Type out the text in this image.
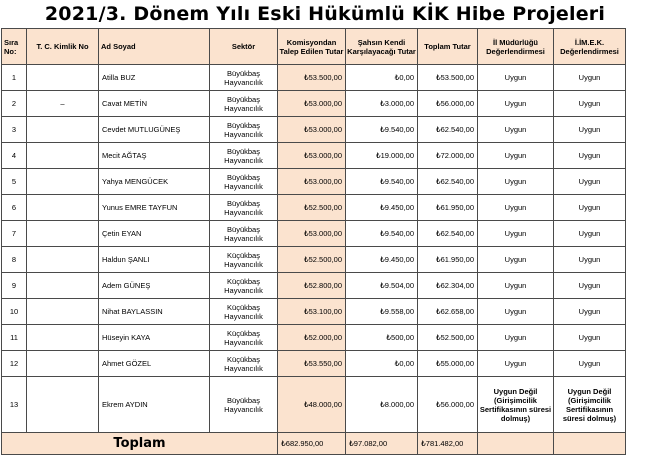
2021/3. Dönem Yılı Eski Hükümlü KİK Hibe Projeleri
Sıra No:	T. C. Kimlik No	Ad Soyad	Sektör	Komisyondan Talep Edilen Tutar	Şahsın Kendi Karşılayacağı Tutar	Toplam Tutar	İl Müdürlüğü Değerlendirmesi	İ.İM.E.K. Değerlendirmesi
1		Atilla BUZ	Büyükbaş Hayvancılık	₺53.500,00	₺0,00	₺53.500,00	Uygun	Uygun
2	–	Cavat METİN	Büyükbaş Hayvancılık	₺53.000,00	₺3.000,00	₺56.000,00	Uygun	Uygun
3		Cevdet MUTLUGÜNEŞ	Büyükbaş Hayvancılık	₺53.000,00	₺9.540,00	₺62.540,00	Uygun	Uygun
4		Mecit AĞTAŞ	Büyükbaş Hayvancılık	₺53.000,00	₺19.000,00	₺72.000,00	Uygun	Uygun
5		Yahya MENGÜCEK	Büyükbaş Hayvancılık	₺53.000,00	₺9.540,00	₺62.540,00	Uygun	Uygun
6		Yunus EMRE TAYFUN	Büyükbaş Hayvancılık	₺52.500,00	₺9.450,00	₺61.950,00	Uygun	Uygun
7		Çetin EYAN	Büyükbaş Hayvancılık	₺53.000,00	₺9.540,00	₺62.540,00	Uygun	Uygun
8		Haldun ŞANLI	Küçükbaş Hayvancılık	₺52.500,00	₺9.450,00	₺61.950,00	Uygun	Uygun
9		Adem GÜNEŞ	Küçükbaş Hayvancılık	₺52.800,00	₺9.504,00	₺62.304,00	Uygun	Uygun
10		Nihat BAYLASSIN	Küçükbaş Hayvancılık	₺53.100,00	₺9.558,00	₺62.658,00	Uygun	Uygun
11		Hüseyin KAYA	Küçükbaş Hayvancılık	₺52.000,00	₺500,00	₺52.500,00	Uygun	Uygun
12		Ahmet GÖZEL	Küçükbaş Hayvancılık	₺53.550,00	₺0,00	₺55.000,00	Uygun	Uygun
13		Ekrem AYDIN	Büyükbaş Hayvancılık	₺48.000,00	₺8.000,00	₺56.000,00	Uygun Değil (Girişimcilik Sertifikasının süresi dolmuş)	Uygun Değil (Girişimcilik Sertifikasının süresi dolmuş)
Toplam				₺682.950,00	₺97.082,00	₺781.482,00		
